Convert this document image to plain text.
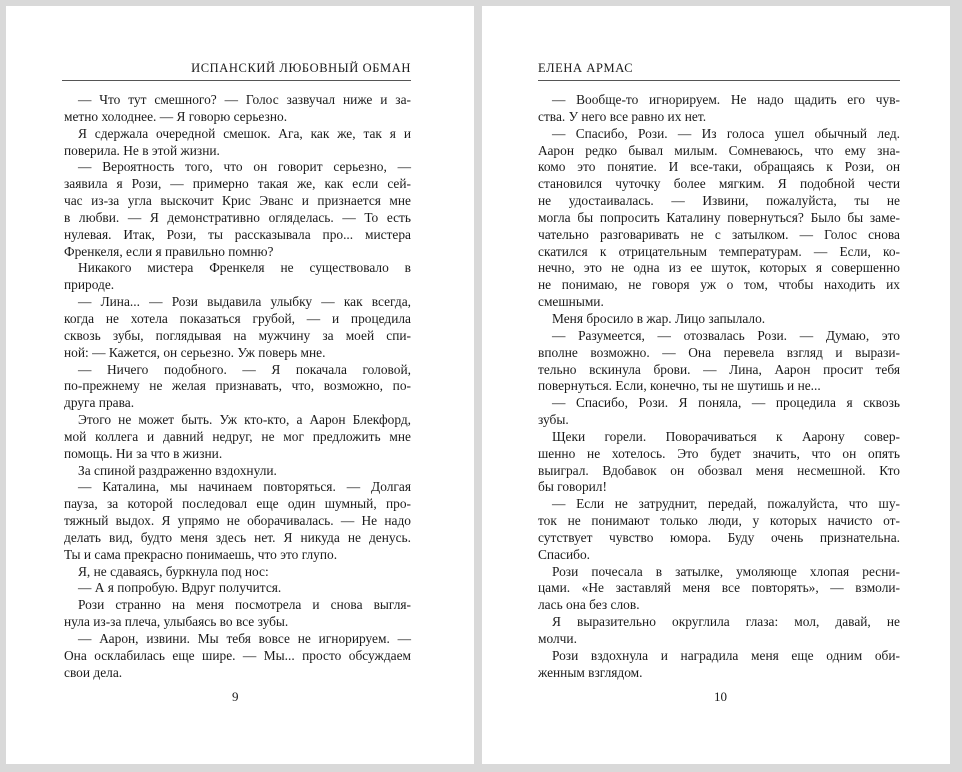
ИСПАНСКИЙ ЛЮБОВНЫЙ ОБМАН
— Что тут смешного? — Голос зазвучал ниже и за-
метно холоднее. — Я говорю серьезно.
Я сдержала очередной смешок. Ага, как же, так я и
поверила. Не в этой жизни.
— Вероятность того, что он говорит серьезно, —
заявила я Рози, — примерно такая же, как если сей-
час из-за угла выскочит Крис Эванс и признается мне
в любви. — Я демонстративно огляделась. — То есть
нулевая. Итак, Рози, ты рассказывала про... мистера
Френкеля, если я правильно помню?
Никакого мистера Френкеля не существовало в
природе.
— Лина... — Рози выдавила улыбку — как всегда,
когда не хотела показаться грубой, — и процедила
сквозь зубы, поглядывая на мужчину за моей спи-
ной: — Кажется, он серьезно. Уж поверь мне.
— Ничего подобного. — Я покачала головой,
по-прежнему не желая признавать, что, возможно, по-
друга права.
Этого не может быть. Уж кто-кто, а Аарон Блекфорд,
мой коллега и давний недруг, не мог предложить мне
помощь. Ни за что в жизни.
За спиной раздраженно вздохнули.
— Каталина, мы начинаем повторяться. — Долгая
пауза, за которой последовал еще один шумный, про-
тяжный выдох. Я упрямо не оборачивалась. — Не надо
делать вид, будто меня здесь нет. Я никуда не денусь.
Ты и сама прекрасно понимаешь, что это глупо.
Я, не сдаваясь, буркнула под нос:
— А я попробую. Вдруг получится.
Рози странно на меня посмотрела и снова выгля-
нула из-за плеча, улыбаясь во все зубы.
— Аарон, извини. Мы тебя вовсе не игнорируем. —
Она осклабилась еще шире. — Мы... просто обсуждаем
свои дела.
9
ЕЛЕНА АРМАС
— Вообще-то игнорируем. Не надо щадить его чув-
ства. У него все равно их нет.
— Спасибо, Рози. — Из голоса ушел обычный лед.
Аарон редко бывал милым. Сомневаюсь, что ему зна-
комо это понятие. И все-таки, обращаясь к Рози, он
становился чуточку более мягким. Я подобной чести
не удостаивалась. — Извини, пожалуйста, ты не
могла бы попросить Каталину повернуться? Было бы заме-
чательно разговаривать не с затылком. — Голос снова
скатился к отрицательным температурам. — Если, ко-
нечно, это не одна из ее шуток, которых я совершенно
не понимаю, не говоря уж о том, чтобы находить их
смешными.
Меня бросило в жар. Лицо запылало.
— Разумеется, — отозвалась Рози. — Думаю, это
вполне возможно. — Она перевела взгляд и вырази-
тельно вскинула брови. — Лина, Аарон просит тебя
повернуться. Если, конечно, ты не шутишь и не...
— Спасибо, Рози. Я поняла, — процедила я сквозь
зубы.
Щеки горели. Поворачиваться к Аарону совер-
шенно не хотелось. Это будет значить, что он опять
выиграл. Вдобавок он обозвал меня несмешной. Кто
бы говорил!
— Если не затруднит, передай, пожалуйста, что шу-
ток не понимают только люди, у которых начисто от-
сутствует чувство юмора. Буду очень признательна.
Спасибо.
Рози почесала в затылке, умоляюще хлопая ресни-
цами. «Не заставляй меня все повторять», — взмоли-
лась она без слов.
Я выразительно округлила глаза: мол, давай, не
молчи.
Рози вздохнула и наградила меня еще одним оби-
женным взглядом.
10
